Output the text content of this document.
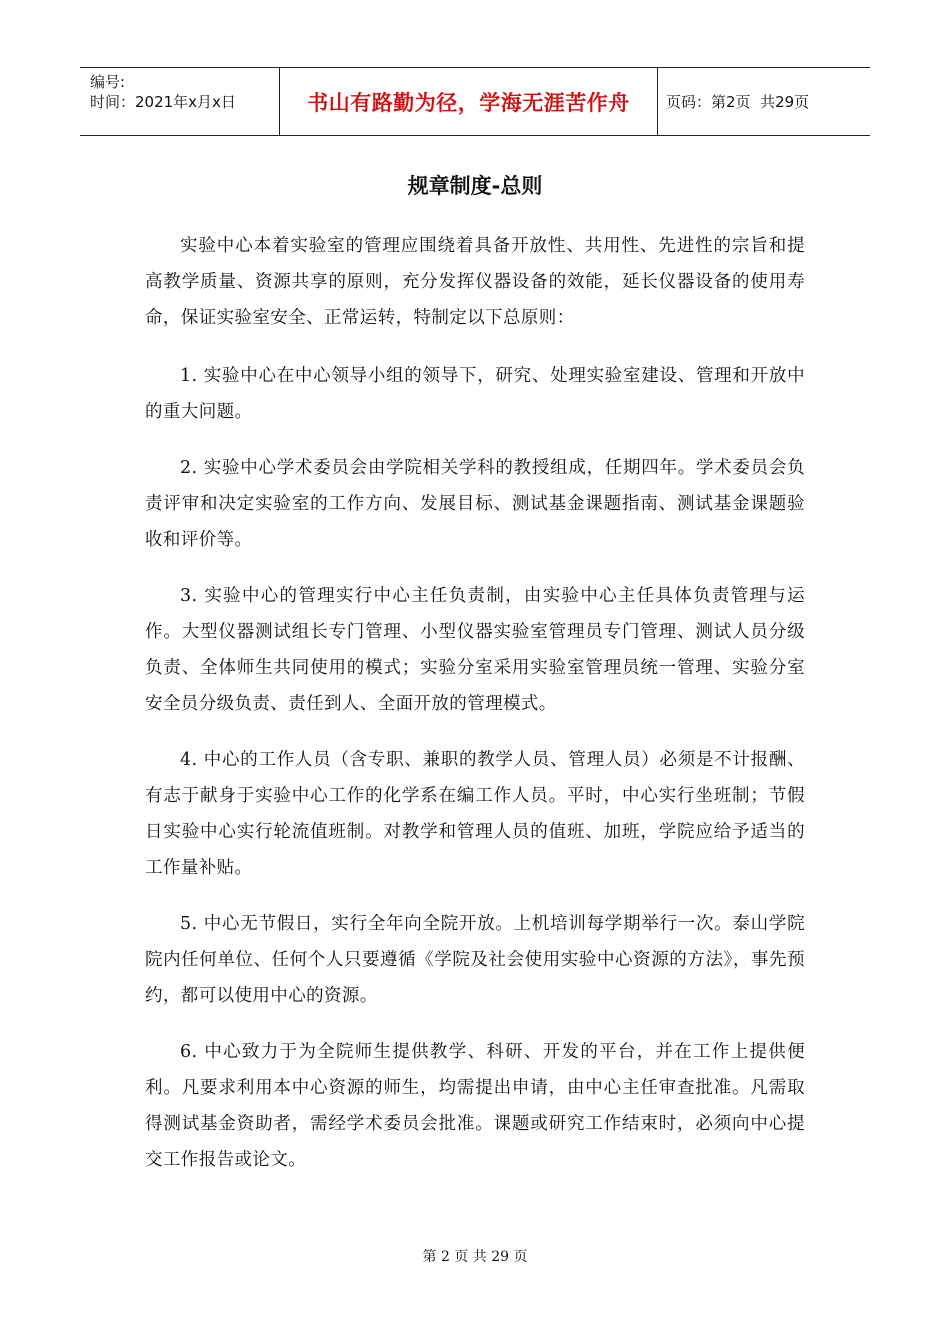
编号:
时间：2021年x月x日	书山有路勤为径，学海无涯苦作舟 页码：第2页  共29页
规章制度-总则

实验中心本着实验室的管理应围绕着具备开放性、共用性、先进性的宗旨和提高教学质量、资源共享的原则，充分发挥仪器设备的效能，延长仪器设备的使用寿命，保证实验室安全、正常运转，特制定以下总原则：

1. 实验中心在中心领导小组的领导下，研究、处理实验室建设、管理和开放中的重大问题。

2. 实验中心学术委员会由学院相关学科的教授组成，任期四年。学术委员会负责评审和决定实验室的工作方向、发展目标、测试基金课题指南、测试基金课题验收和评价等。

3. 实验中心的管理实行中心主任负责制，由实验中心主任具体负责管理与运作。大型仪器测试组长专门管理、小型仪器实验室管理员专门管理、测试人员分级负责、全体师生共同使用的模式；实验分室采用实验室管理员统一管理、实验分室安全员分级负责、责任到人、全面开放的管理模式。

4. 中心的工作人员（含专职、兼职的教学人员、管理人员）必须是不计报酬、有志于献身于实验中心工作的化学系在编工作人员。平时，中心实行坐班制；节假日实验中心实行轮流值班制。对教学和管理人员的值班、加班，学院应给予适当的工作量补贴。

5. 中心无节假日，实行全年向全院开放。上机培训每学期举行一次。泰山学院院内任何单位、任何个人只要遵循《学院及社会使用实验中心资源的方法》，事先预约，都可以使用中心的资源。

6. 中心致力于为全院师生提供教学、科研、开发的平台，并在工作上提供便利。凡要求利用本中心资源的师生，均需提出申请，由中心主任审查批准。凡需取得测试基金资助者，需经学术委员会批准。课题或研究工作结束时，必须向中心提交工作报告或论文。

第 2 页 共 29 页
